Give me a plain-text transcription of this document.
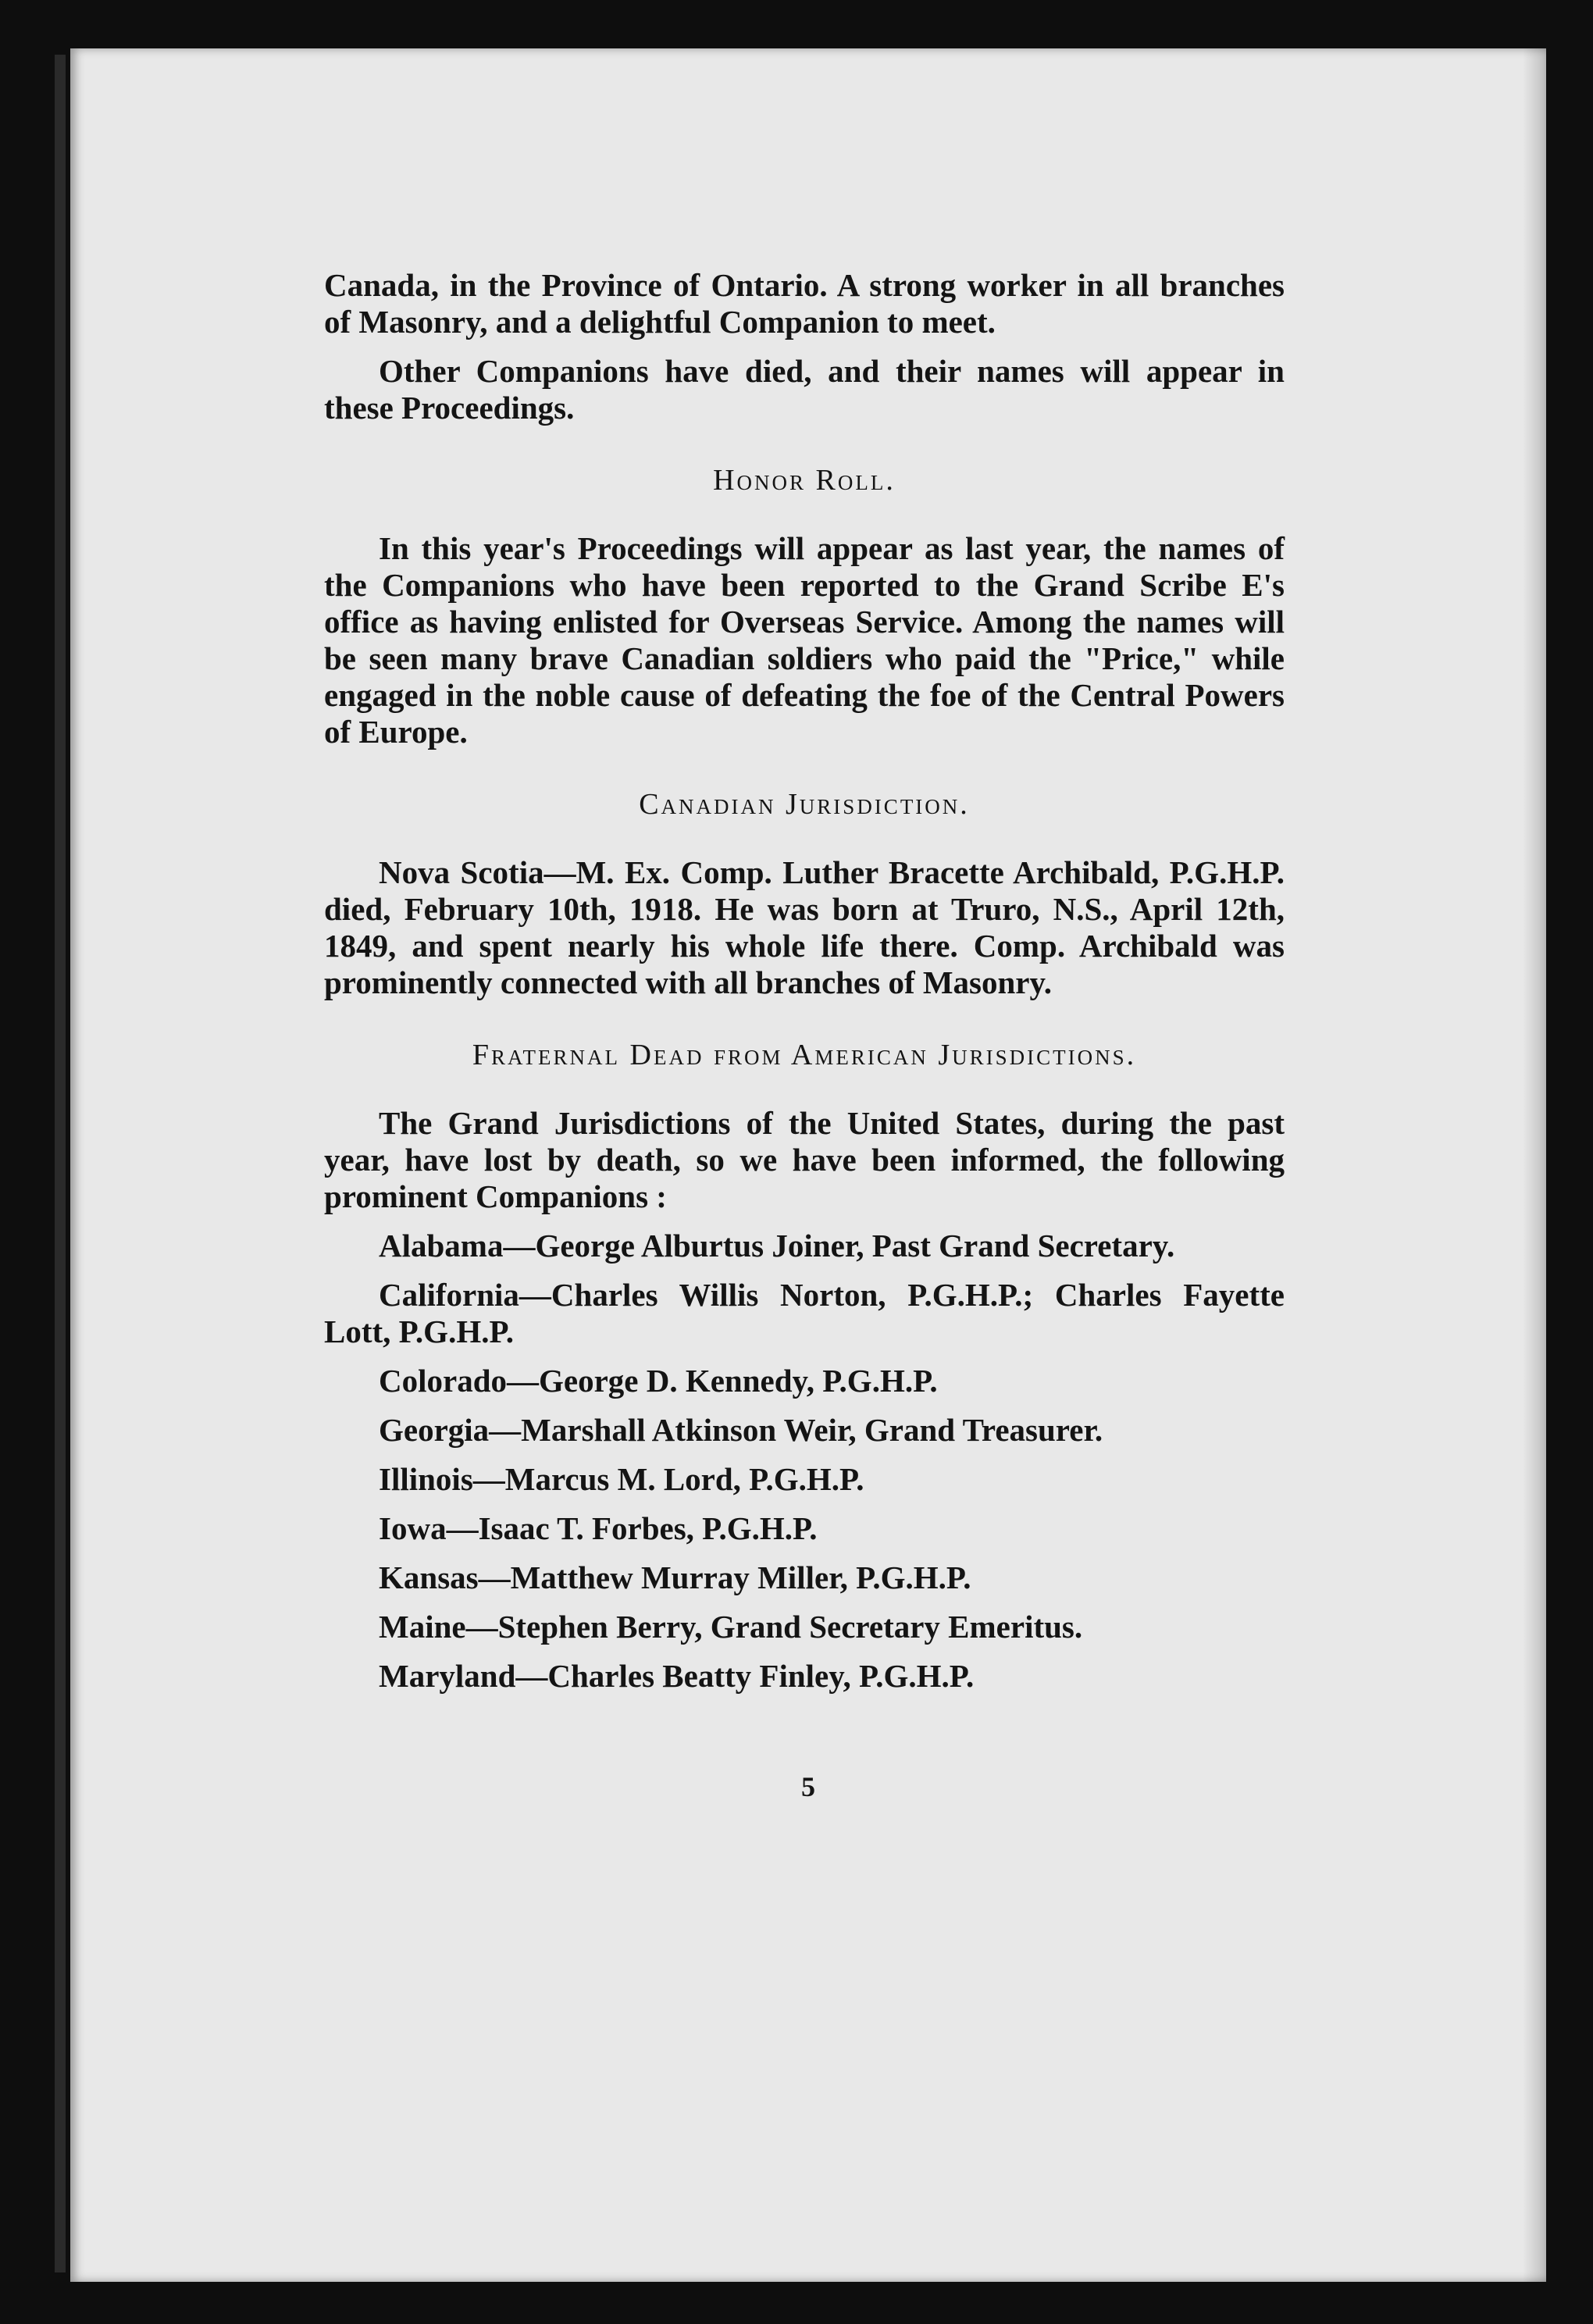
Canada, in the Province of Ontario. A strong worker in all branches of Masonry, and a delightful Companion to meet.

Other Companions have died, and their names will appear in these Proceedings.

Honor Roll.

In this year's Proceedings will appear as last year, the names of the Companions who have been reported to the Grand Scribe E's office as having enlisted for Overseas Service. Among the names will be seen many brave Canadian soldiers who paid the "Price," while engaged in the noble cause of defeating the foe of the Central Powers of Europe.

Canadian Jurisdiction.

Nova Scotia—M. Ex. Comp. Luther Bracette Archibald, P.G.H.P. died, February 10th, 1918. He was born at Truro, N.S., April 12th, 1849, and spent nearly his whole life there. Comp. Archibald was prominently connected with all branches of Masonry.

Fraternal Dead from American Jurisdictions.

The Grand Jurisdictions of the United States, during the past year, have lost by death, so we have been informed, the following prominent Companions :

Alabama—George Alburtus Joiner, Past Grand Secretary.

California—Charles Willis Norton, P.G.H.P.; Charles Fayette Lott, P.G.H.P.

Colorado—George D. Kennedy, P.G.H.P.

Georgia—Marshall Atkinson Weir, Grand Treasurer.

Illinois—Marcus M. Lord, P.G.H.P.

Iowa—Isaac T. Forbes, P.G.H.P.

Kansas—Matthew Murray Miller, P.G.H.P.

Maine—Stephen Berry, Grand Secretary Emeritus.

Maryland—Charles Beatty Finley, P.G.H.P.

5
